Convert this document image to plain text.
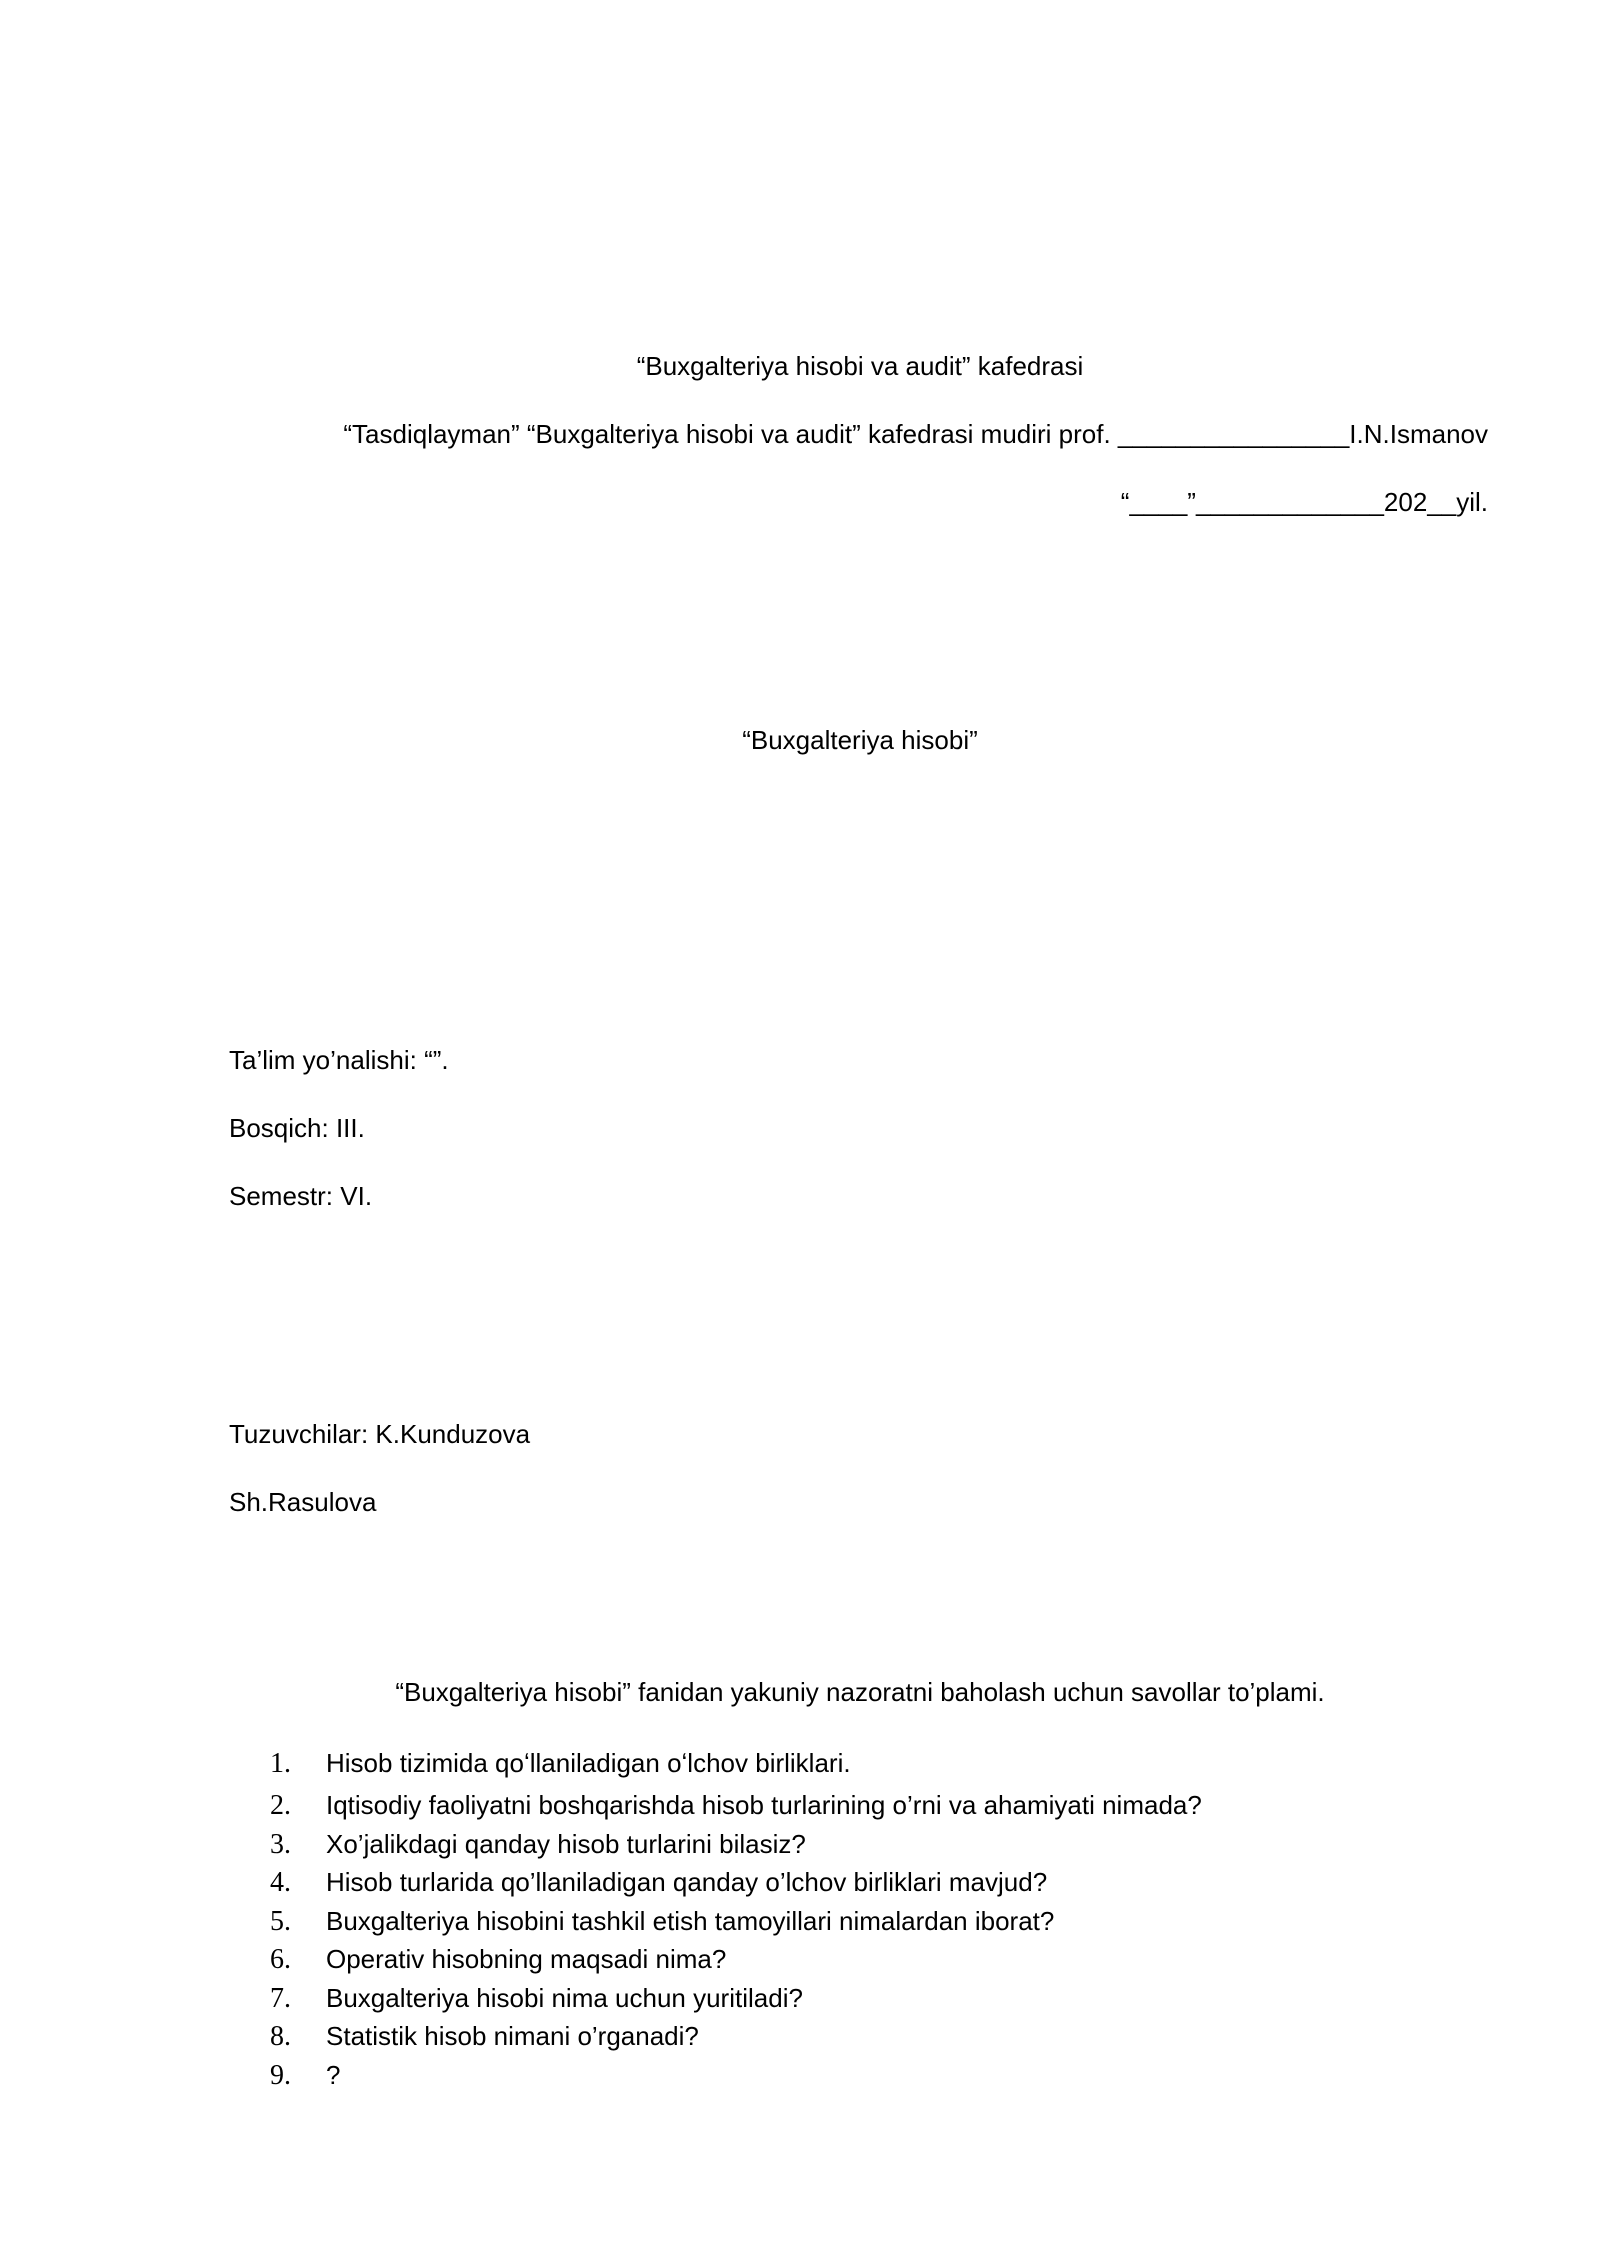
“Buxgalteriya hisobi va audit” kafedrasi
“Tasdiqlayman” “Buxgalteriya hisobi va audit” kafedrasi mudiri prof. ________________I.N.Ismanov
“____”_____________202__yil.
“Buxgalteriya hisobi”
Ta’lim yo’nalishi: “”.
Bosqich: III.
Semestr: VI.
Tuzuvchilar: K.Kunduzova
Sh.Rasulova
“Buxgalteriya hisobi” fanidan yakuniy nazoratni baholash uchun savollar to’plami.
1.	Hisob tizimida qoʻllaniladigan oʻlchov birliklari.
2.	Iqtisodiy faoliyatni boshqarishda hisob turlarining o’rni va ahamiyati nimada?
3.	Xo’jalikdagi qanday hisob turlarini bilasiz?
4.	Hisob turlarida qo’llaniladigan qanday o’lchov birliklari mavjud?
5.	Buxgalteriya hisobini tashkil etish tamoyillari nimalardan iborat?
6.	Operativ hisobning maqsadi nima?
7.	Buxgalteriya hisobi nima uchun yuritiladi?
8.	Statistik hisob nimani o’rganadi?
9.	?
